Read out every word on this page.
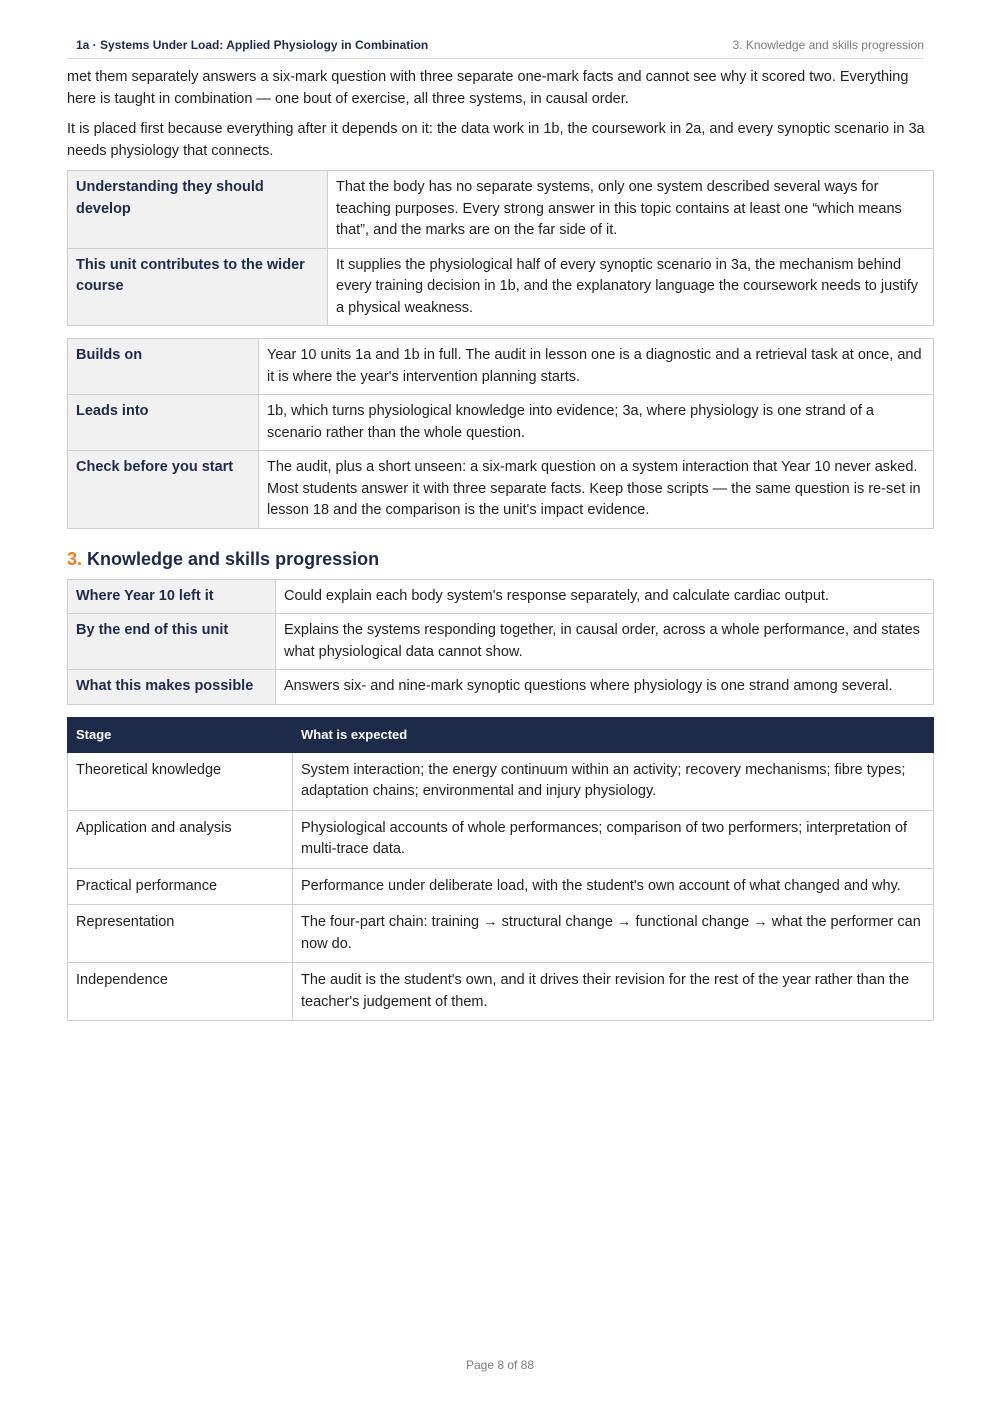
1a · Systems Under Load: Applied Physiology in Combination	3. Knowledge and skills progression

met them separately answers a six-mark question with three separate one-mark facts and cannot see why it scored two. Everything here is taught in combination — one bout of exercise, all three systems, in causal order.

It is placed first because everything after it depends on it: the data work in 1b, the coursework in 2a, and every synoptic scenario in 3a needs physiology that connects.

Understanding they should develop	That the body has no separate systems, only one system described several ways for teaching purposes. Every strong answer in this topic contains at least one “which means that”, and the marks are on the far side of it.
This unit contributes to the wider course	It supplies the physiological half of every synoptic scenario in 3a, the mechanism behind every training decision in 1b, and the explanatory language the coursework needs to justify a physical weakness.
Builds on	Year 10 units 1a and 1b in full. The audit in lesson one is a diagnostic and a retrieval task at once, and it is where the year's intervention planning starts.
Leads into	1b, which turns physiological knowledge into evidence; 3a, where physiology is one strand of a scenario rather than the whole question.
Check before you start	The audit, plus a short unseen: a six-mark question on a system interaction that Year 10 never asked. Most students answer it with three separate facts. Keep those scripts — the same question is re-set in lesson 18 and the comparison is the unit's impact evidence.
3. Knowledge and skills progression
Where Year 10 left it	Could explain each body system's response separately, and calculate cardiac output.
By the end of this unit	Explains the systems responding together, in causal order, across a whole performance, and states what physiological data cannot show.
What this makes possible	Answers six- and nine-mark synoptic questions where physiology is one strand among several.
Stage	What is expected
Theoretical knowledge	System interaction; the energy continuum within an activity; recovery mechanisms; fibre types; adaptation chains; environmental and injury physiology.
Application and analysis	Physiological accounts of whole performances; comparison of two performers; interpretation of multi-trace data.
Practical performance	Performance under deliberate load, with the student's own account of what changed and why.
Representation	The four-part chain: training → structural change → functional change → what the performer can now do.
Independence	The audit is the student's own, and it drives their revision for the rest of the year rather than the teacher's judgement of them.
Page 8 of 88
